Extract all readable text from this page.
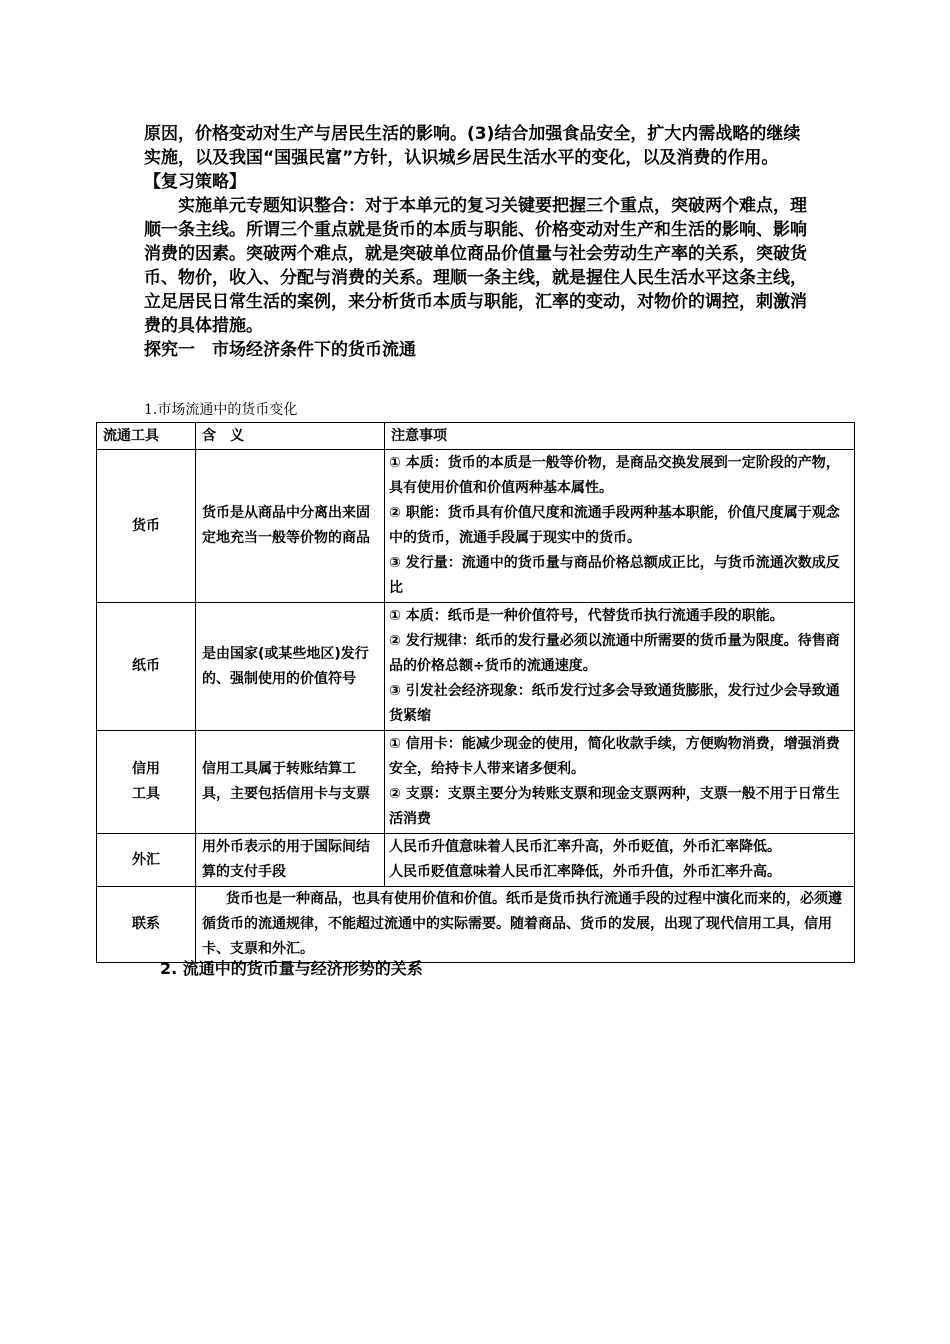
原因，价格变动对生产与居民生活的影响。(3)结合加强食品安全，扩大内需战略的继续实施，以及我国“国强民富”方针，认识城乡居民生活水平的变化，以及消费的作用。

【复习策略】

实施单元专题知识整合：对于本单元的复习关键要把握三个重点，突破两个难点，理顺一条主线。所谓三个重点就是货币的本质与职能、价格变动对生产和生活的影响、影响消费的因素。突破两个难点，就是突破单位商品价值量与社会劳动生产率的关系，突破货币、物价，收入、分配与消费的关系。理顺一条主线，就是握住人民生活水平这条主线，立足居民日常生活的案例，来分析货币本质与职能，汇率的变动，对物价的调控，刺激消费的具体措施。

探究一　市场经济条件下的货币流通

1.市场流通中的货币变化
流通工具	含　义	注意事项
货币	货币是从商品中分离出来固定地充当一般等价物的商品	① 本质：货币的本质是一般等价物，是商品交换发展到一定阶段的产物，具有使用价值和价值两种基本属性。
② 职能：货币具有价值尺度和流通手段两种基本职能，价值尺度属于观念中的货币，流通手段属于现实中的货币。
③ 发行量：流通中的货币量与商品价格总额成正比，与货币流通次数成反比

纸币	是由国家(或某些地区)发行的、强制使用的价值符号	① 本质：纸币是一种价值符号，代替货币执行流通手段的职能。
② 发行规律：纸币的发行量必须以流通中所需要的货币量为限度。待售商品的价格总额÷货币的流通速度。
③ 引发社会经济现象：纸币发行过多会导致通货膨胀，发行过少会导致通货紧缩

信用工具	信用工具属于转账结算工具，主要包括信用卡与支票	① 信用卡：能减少现金的使用，简化收款手续，方便购物消费，增强消费安全，给持卡人带来诸多便利。
② 支票：支票主要分为转账支票和现金支票两种，支票一般不用于日常生活消费

外汇	用外币表示的用于国际间结算的支付手段	人民币升值意味着人民币汇率升高，外币贬值，外币汇率降低。
人民币贬值意味着人民币汇率降低，外币升值，外币汇率升高。

联系	货币也是一种商品，也具有使用价值和价值。纸币是货币执行流通手段的过程中演化而来的，必须遵循货币的流通规律，不能超过流通中的实际需要。随着商品、货币的发展，出现了现代信用工具，信用卡、支票和外汇。	
2. 流通中的货币量与经济形势的关系
